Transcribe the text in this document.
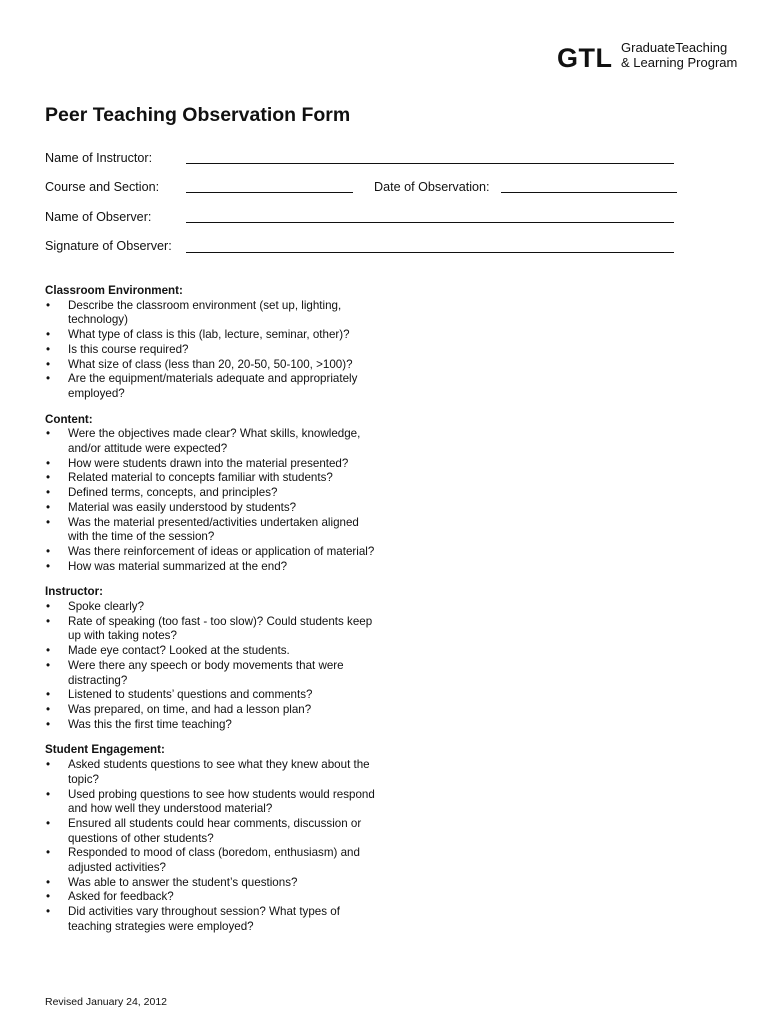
GTL GraduateTeaching
& Learning Program
Peer Teaching Observation Form
Name of Instructor:
Course and Section:	Date of Observation:
Name of Observer:
Signature of Observer:

Classroom Environment:

• Describe the classroom environment (set up, lighting, technology)
• What type of class is this (lab, lecture, seminar, other)?
• Is this course required?
• What size of class (less than 20, 20-50, 50-100, >100)?
• Are the equipment/materials adequate and appropriately employed?

Content:

• Were the objectives made clear? What skills, knowledge, and/or attitude were expected?
• How were students drawn into the material presented?
• Related material to concepts familiar with students?
• Defined terms, concepts, and principles?
• Material was easily understood by students?
• Was the material presented/activities undertaken aligned with the time of the session?
• Was there reinforcement of ideas or application of material?
• How was material summarized at the end?

Instructor:

• Spoke clearly?
• Rate of speaking (too fast - too slow)? Could students keep up with taking notes?
• Made eye contact? Looked at the students.
• Were there any speech or body movements that were distracting?
• Listened to students’ questions and comments?
• Was prepared, on time, and had a lesson plan?
• Was this the first time teaching?

Student Engagement:

• Asked students questions to see what they knew about the topic?
• Used probing questions to see how students would respond and how well they understood material?
• Ensured all students could hear comments, discussion or questions of other students?
• Responded to mood of class (boredom, enthusiasm) and adjusted activities?
• Was able to answer the student’s questions?
• Asked for feedback?
• Did activities vary throughout session? What types of teaching strategies were employed?
Revised January 24, 2012
